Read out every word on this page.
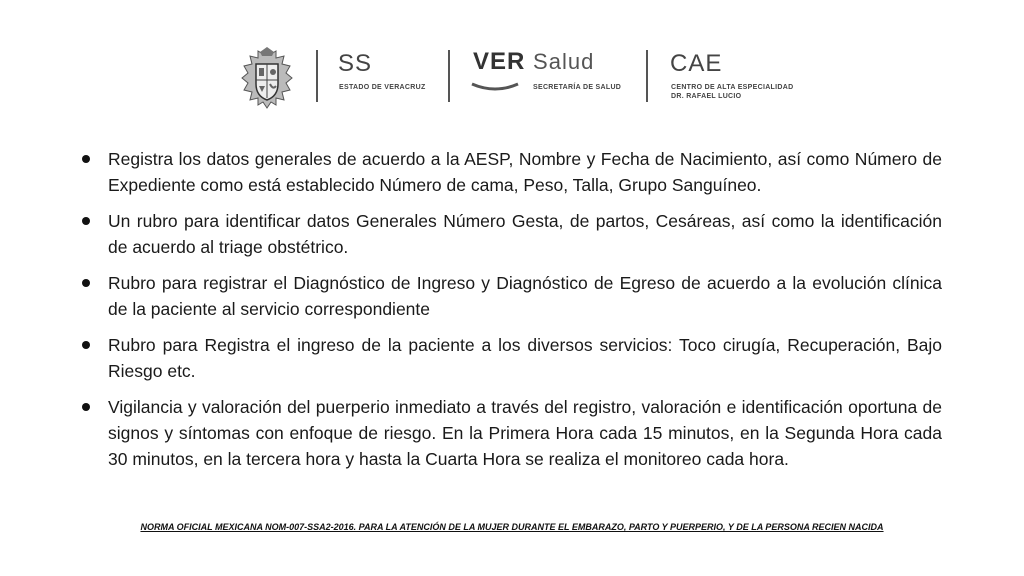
SS
ESTADO DE VERACRUZ
VER Salud
SECRETARÍA DE SALUD
CAE
CENTRO DE ALTA ESPECIALIDAD
DR. RAFAEL LUCIO
Registra los datos generales de acuerdo a la AESP, Nombre y Fecha de Nacimiento, así como Número de Expediente como está establecido Número de cama, Peso, Talla, Grupo Sanguíneo.
Un rubro para identificar datos Generales Número Gesta, de partos, Cesáreas, así como la identificación de acuerdo al triage obstétrico.
Rubro para registrar el Diagnóstico de Ingreso y Diagnóstico de Egreso de acuerdo a la evolución clínica de la paciente al servicio correspondiente
Rubro para Registra el ingreso de la paciente a los diversos servicios: Toco cirugía, Recuperación, Bajo Riesgo etc.
Vigilancia y valoración del puerperio inmediato a través del registro, valoración e identificación oportuna de signos y síntomas con enfoque de riesgo. En la Primera Hora cada 15 minutos, en la Segunda Hora cada 30 minutos, en la tercera hora y hasta la Cuarta Hora se realiza el monitoreo cada hora.
NORMA OFICIAL MEXICANA NOM-007-SSA2-2016. PARA LA ATENCIÓN DE LA MUJER DURANTE EL EMBARAZO, PARTO Y PUERPERIO, Y DE LA PERSONA RECIEN NACIDA
